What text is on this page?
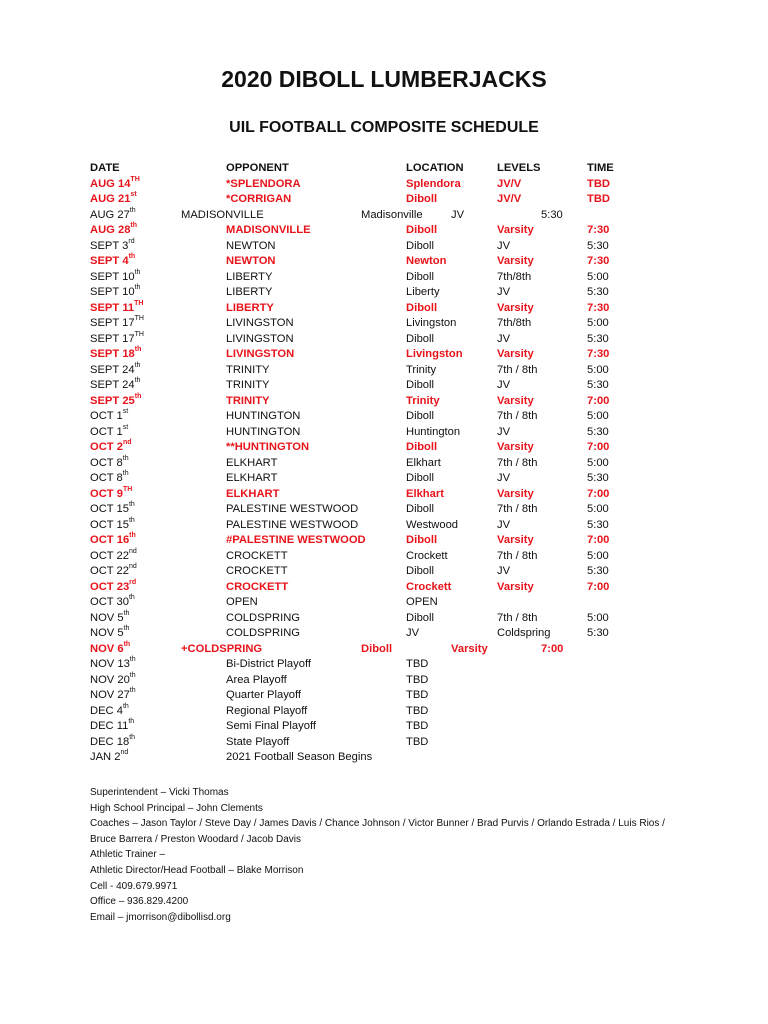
2020 DIBOLL LUMBERJACKS
UIL FOOTBALL COMPOSITE SCHEDULE
DATE	OPPONENT	LOCATION	LEVELS	TIME
AUG 14TH	*SPLENDORA	Splendora	JV/V	TBD
AUG 21st	*CORRIGAN	Diboll	JV/V	TBD
AUG 27th	MADISONVILLE	Madisonville	JV	5:30
AUG 28th	MADISONVILLE	Diboll	Varsity	7:30
SEPT 3rd	NEWTON	Diboll	JV	5:30
SEPT 4th	NEWTON	Newton	Varsity	7:30
SEPT 10th	LIBERTY	Diboll	7th/8th	5:00
SEPT 10th	LIBERTY	Liberty	JV	5:30
SEPT 11TH	LIBERTY	Diboll	Varsity	7:30
SEPT 17TH	LIVINGSTON	Livingston	7th/8th	5:00
SEPT 17TH	LIVINGSTON	Diboll	JV	5:30
SEPT 18th	LIVINGSTON	Livingston	Varsity	7:30
SEPT 24th	TRINITY	Trinity	7th / 8th	5:00
SEPT 24th	TRINITY	Diboll	JV	5:30
SEPT 25th	TRINITY	Trinity	Varsity	7:00
OCT 1st	HUNTINGTON	Diboll	7th / 8th	5:00
OCT 1st	HUNTINGTON	Huntington	JV	5:30
OCT 2nd	**HUNTINGTON	Diboll	Varsity	7:00
OCT 8th	ELKHART	Elkhart	7th / 8th	5:00
OCT 8th	ELKHART	Diboll	JV	5:30
OCT 9TH	ELKHART	Elkhart	Varsity	7:00
OCT 15th	PALESTINE WESTWOOD	Diboll	7th / 8th	5:00
OCT 15th	PALESTINE WESTWOOD	Westwood	JV	5:30
OCT 16th	#PALESTINE WESTWOOD	Diboll	Varsity	7:00
OCT 22nd	CROCKETT	Crockett	7th / 8th	5:00
OCT 22nd	CROCKETT	Diboll	JV	5:30
OCT 23rd	CROCKETT	Crockett	Varsity	7:00
OCT 30th	OPEN	OPEN
NOV 5th	COLDSPRING	Diboll	7th / 8th	5:00
NOV 5th	COLDSPRING	JV	Coldspring	5:30
NOV 6th	+COLDSPRING	Diboll	Varsity	7:00
NOV 13th	Bi-District Playoff	TBD
NOV 20th	Area Playoff	TBD
NOV 27th	Quarter Playoff	TBD
DEC 4th	Regional Playoff	TBD
DEC 11th	Semi Final Playoff	TBD
DEC 18th	State Playoff	TBD
JAN 2nd	2021 Football Season Begins
Superintendent – Vicki Thomas
High School Principal – John Clements
Coaches – Jason Taylor / Steve Day / James Davis / Chance Johnson / Victor Bunner / Brad Purvis / Orlando Estrada / Luis Rios /
Bruce Barrera / Preston Woodard / Jacob Davis
Athletic Trainer –
Athletic Director/Head Football – Blake Morrison
Cell - 409.679.9971
Office – 936.829.4200
Email – jmorrison@dibollisd.org
